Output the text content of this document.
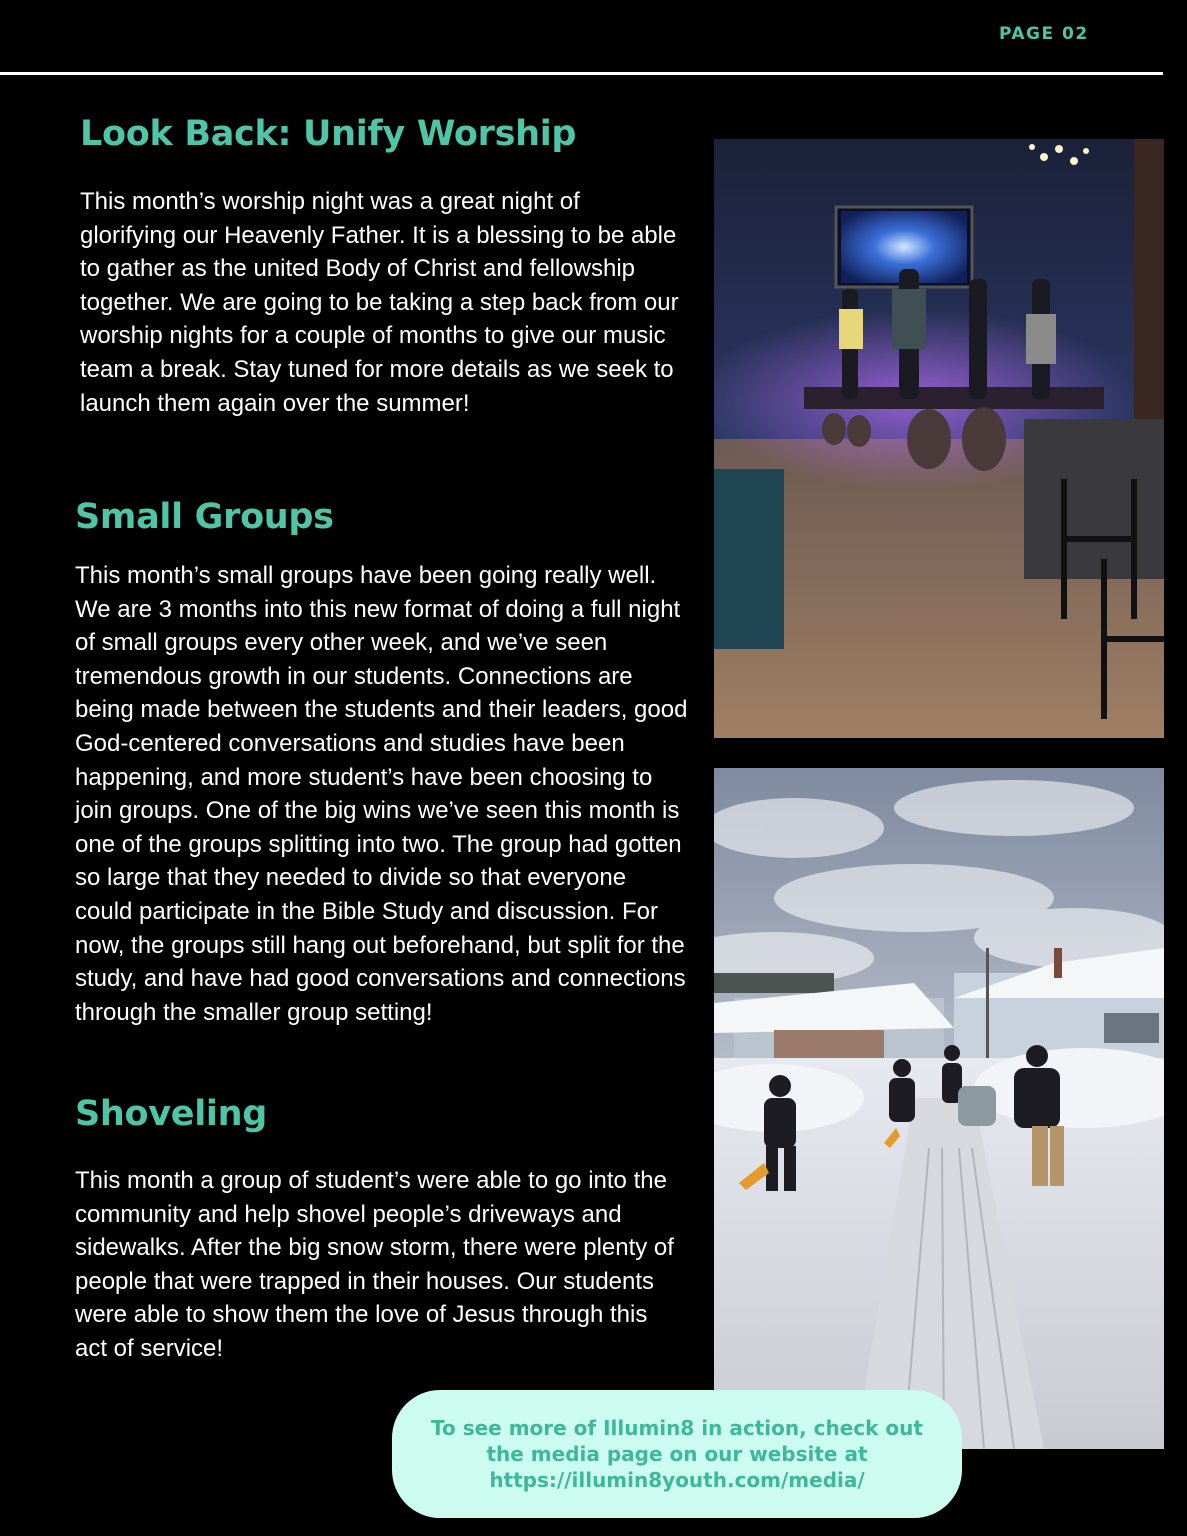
PAGE 02
Look Back: Unify Worship

This month’s worship night was a great night of glorifying our Heavenly Father. It is a blessing to be able to gather as the united Body of Christ and fellowship together. We are going to be taking a step back from our worship nights for a couple of months to give our music team a break. Stay tuned for more details as we seek to launch them again over the summer!

Small Groups

This month’s small groups have been going really well. We are 3 months into this new format of doing a full night of small groups every other week, and we’ve seen tremendous growth in our students. Connections are being made between the students and their leaders, good God-centered conversations and studies have been happening, and more student’s have been choosing to join groups. One of the big wins we’ve seen this month is one of the groups splitting into two. The group had gotten so large that they needed to divide so that everyone could participate in the Bible Study and discussion. For now, the groups still hang out beforehand, but split for the study, and have had good conversations and connections through the smaller group setting!

Shoveling

This month a group of student’s were able to go into the community and help shovel people’s driveways and sidewalks. After the big snow storm, there were plenty of people that were trapped in their houses. Our students were able to show them the love of Jesus through this act of service!

To see more of Illumin8 in action, check out the media page on our website at https://illumin8youth.com/media/
